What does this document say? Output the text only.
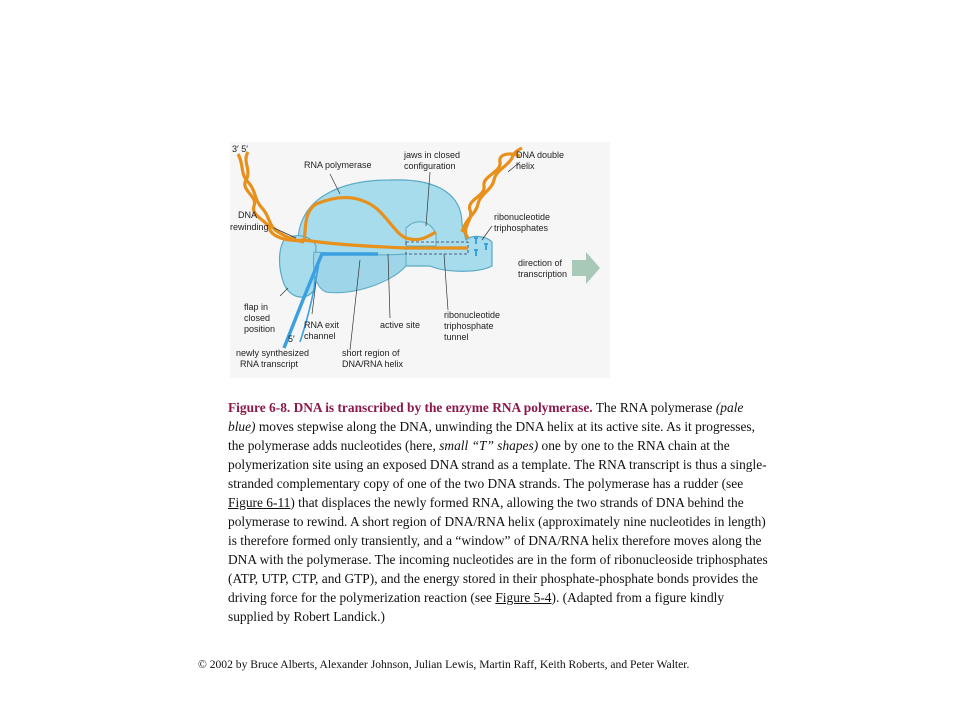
3′ 5′
RNA polymerase
jaws in closed
configuration
DNA double
helix
DNA
rewinding
ribonucleotide
triphosphates
direction of
transcription
flap in
closed
position	RNA exit
channel
active site
ribonucleotide
triphosphate
tunnel
5′
newly synthesized
RNA transcript
short region of
DNA/RNA helix

Figure 6-8. DNA is transcribed by the enzyme RNA polymerase. The RNA polymerase (pale blue) moves stepwise along the DNA, unwinding the DNA helix at its active site. As it progresses, the polymerase adds nucleotides (here, small “T” shapes) one by one to the RNA chain at the polymerization site using an exposed DNA strand as a template. The RNA transcript is thus a single-stranded complementary copy of one of the two DNA strands. The polymerase has a rudder (see Figure 6-11) that displaces the newly formed RNA, allowing the two strands of DNA behind the polymerase to rewind. A short region of DNA/RNA helix (approximately nine nucleotides in length) is therefore formed only transiently, and a “window” of DNA/RNA helix therefore moves along the DNA with the polymerase. The incoming nucleotides are in the form of ribonucleoside triphosphates (ATP, UTP, CTP, and GTP), and the energy stored in their phosphate-phosphate bonds provides the driving force for the polymerization reaction (see Figure 5-4). (Adapted from a figure kindly supplied by Robert Landick.)

© 2002 by Bruce Alberts, Alexander Johnson, Julian Lewis, Martin Raff, Keith Roberts, and Peter Walter.
